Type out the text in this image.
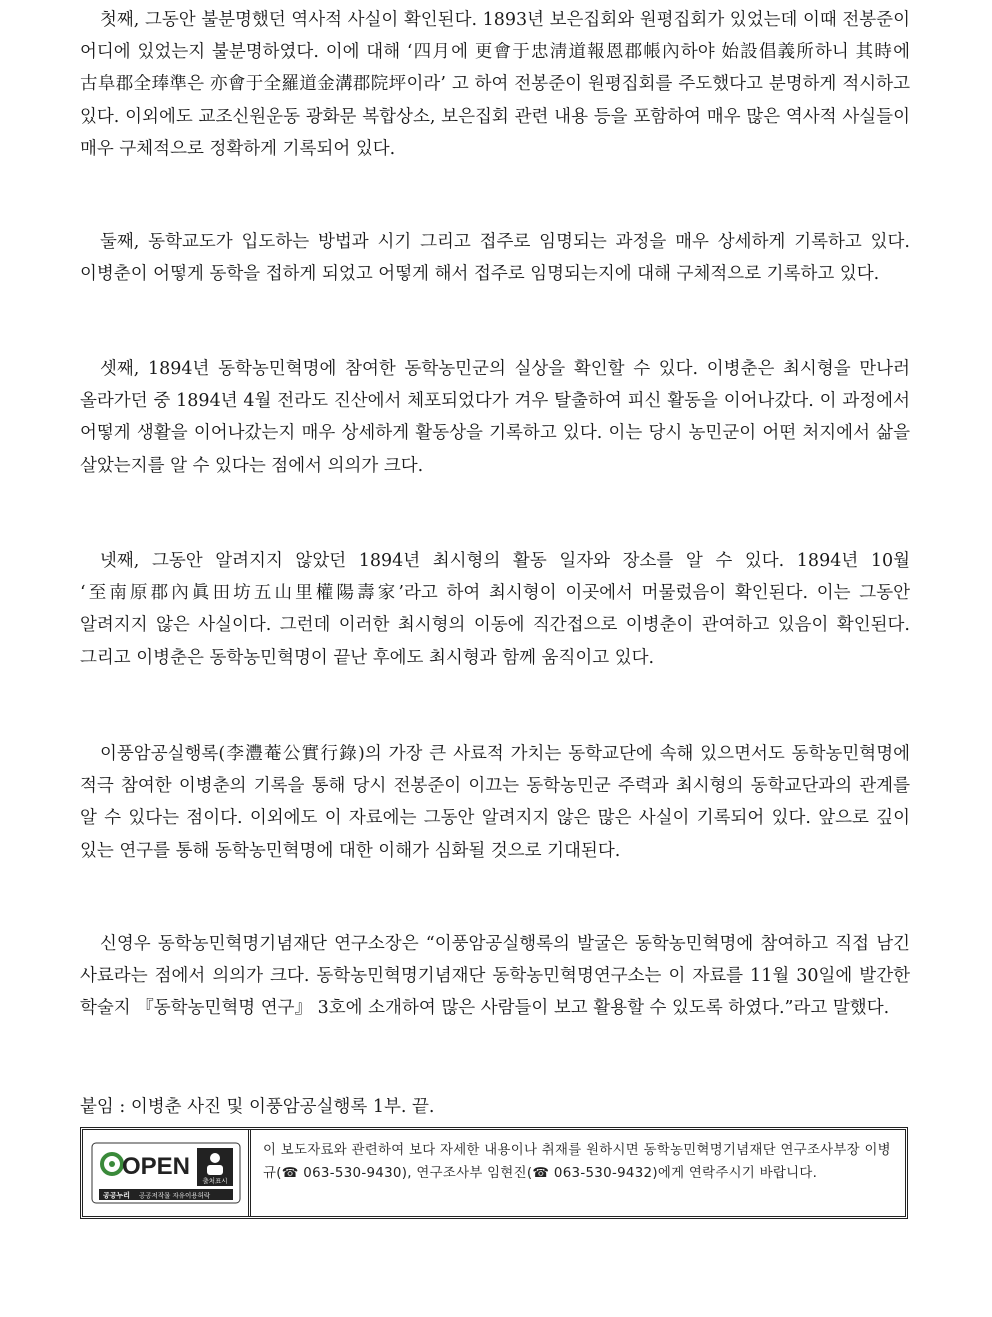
첫째, 그동안 불분명했던 역사적 사실이 확인된다. 1893년 보은집회와 원평집회가 있었는데 이때 전봉준이 어디에 있었는지 불분명하였다. 이에 대해 ‘四月에 更會于忠淸道報恩郡帳內하야 始設倡義所하니 其時에 古阜郡全琫準은 亦會于全羅道金溝郡院坪이라’ 고 하여 전봉준이 원평집회를 주도했다고 분명하게 적시하고 있다. 이외에도 교조신원운동 광화문 복합상소, 보은집회 관련 내용 등을 포함하여 매우 많은 역사적 사실들이 매우 구체적으로 정확하게 기록되어 있다.

둘째, 동학교도가 입도하는 방법과 시기 그리고 접주로 임명되는 과정을 매우 상세하게 기록하고 있다. 이병춘이 어떻게 동학을 접하게 되었고 어떻게 해서 접주로 임명되는지에 대해 구체적으로 기록하고 있다.

셋째, 1894년 동학농민혁명에 참여한 동학농민군의 실상을 확인할 수 있다. 이병춘은 최시형을 만나러 올라가던 중 1894년 4월 전라도 진산에서 체포되었다가 겨우 탈출하여 피신 활동을 이어나갔다. 이 과정에서 어떻게 생활을 이어나갔는지 매우 상세하게 활동상을 기록하고 있다. 이는 당시 농민군이 어떤 처지에서 삶을 살았는지를 알 수 있다는 점에서 의의가 크다.

넷째, 그동안 알려지지 않았던 1894년 최시형의 활동 일자와 장소를 알 수 있다. 1894년 10월 ‘至南原郡內眞田坊五山里權陽壽家’라고 하여 최시형이 이곳에서 머물렀음이 확인된다. 이는 그동안 알려지지 않은 사실이다. 그런데 이러한 최시형의 이동에 직간접으로 이병춘이 관여하고 있음이 확인된다. 그리고 이병춘은 동학농민혁명이 끝난 후에도 최시형과 함께 움직이고 있다.

이풍암공실행록(李灃菴公實行錄)의 가장 큰 사료적 가치는 동학교단에 속해 있으면서도 동학농민혁명에 적극 참여한 이병춘의 기록을 통해 당시 전봉준이 이끄는 동학농민군 주력과 최시형의 동학교단과의 관계를 알 수 있다는 점이다. 이외에도 이 자료에는 그동안 알려지지 않은 많은 사실이 기록되어 있다. 앞으로 깊이 있는 연구를 통해 동학농민혁명에 대한 이해가 심화될 것으로 기대된다.

신영우 동학농민혁명기념재단 연구소장은 “이풍암공실행록의 발굴은 동학농민혁명에 참여하고 직접 남긴 사료라는 점에서 의의가 크다. 동학농민혁명기념재단 동학농민혁명연구소는 이 자료를 11월 30일에 발간한 학술지 『동학농민혁명 연구』 3호에 소개하여 많은 사람들이 보고 활용할 수 있도록 하였다.”라고 말했다.

붙임 : 이병춘 사진 및 이풍암공실행록 1부. 끝.

OPEN
출처표시
공공누리 공공저작물 자유이용허락
이 보도자료와 관련하여 보다 자세한 내용이나 취재를 원하시면 동학농민혁명기념재단 연구조사부장 이병규(☎ 063-530-9430), 연구조사부 임현진(☎ 063-530-9432)에게 연락주시기 바랍니다.
